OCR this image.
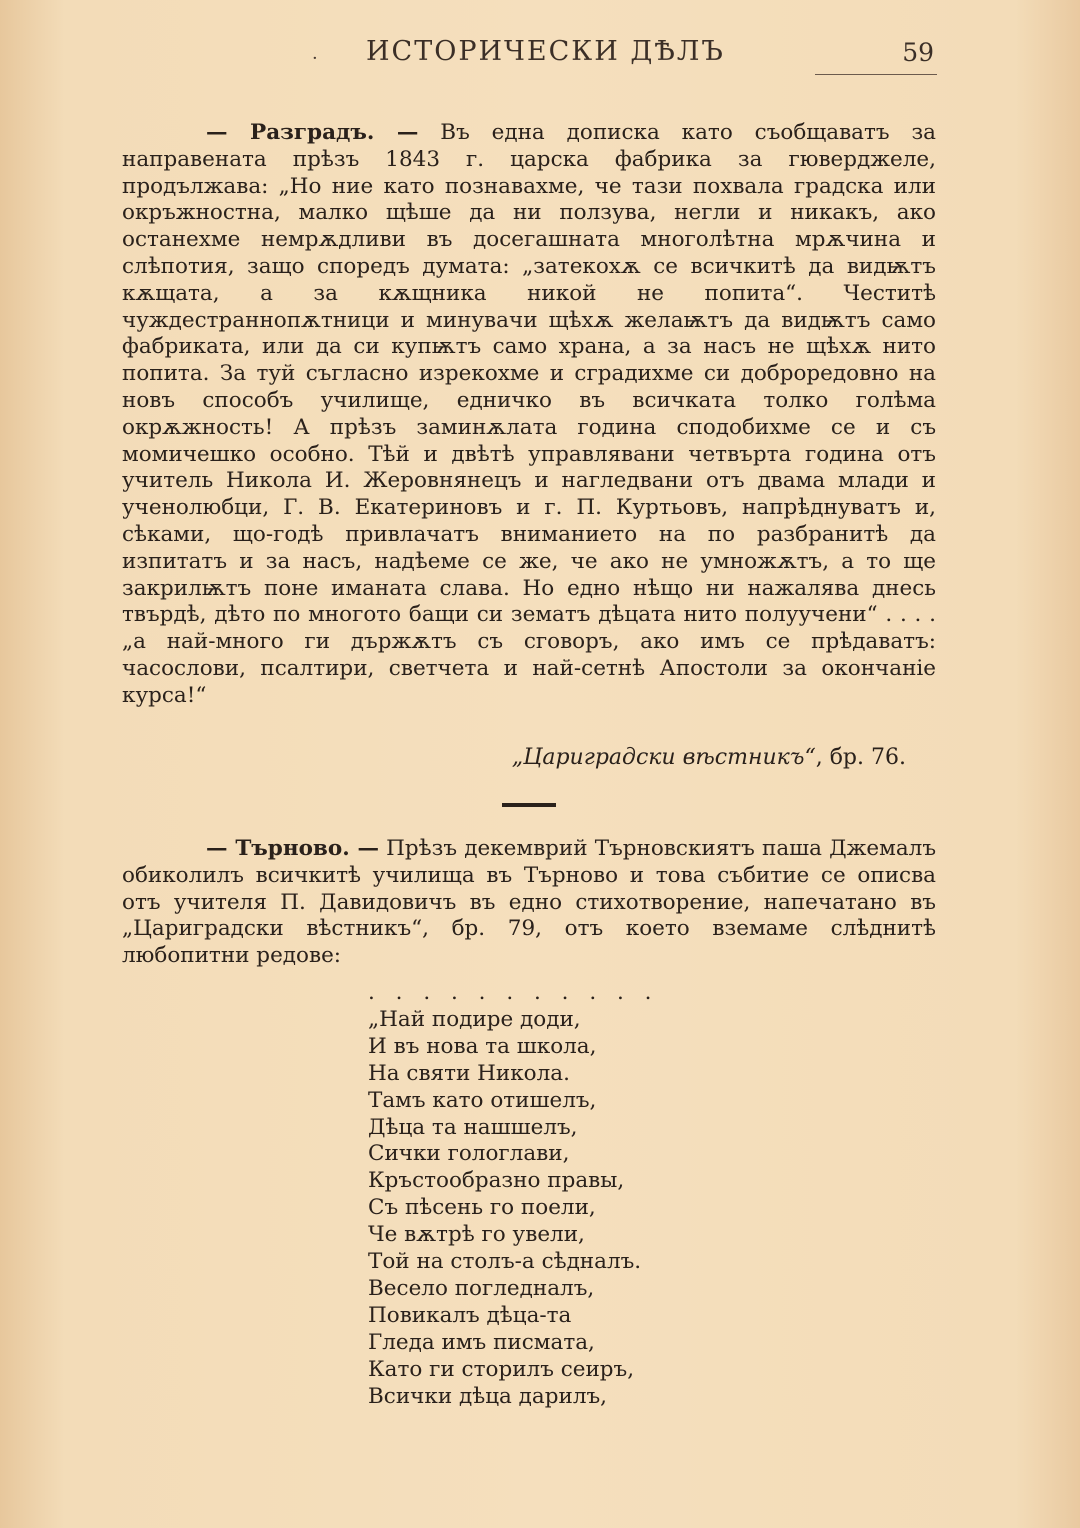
· ИСТОРИЧЕСКИ ДѢЛЪ	59

— Разградъ. — Въ една дописка като съобщаватъ за направената прѣзъ 1843 г. царска фабрика за гюверджеле, продължава: „Но ние като познавахме, че тази похвала градска или окръжностна, малко щѣше да ни ползува, негли и никакъ, ако останехме немрѫдливи въ досегашната многолѣтна мрѫчина и слѣпотия, защо споредъ думата: „затекохѫ се всичкитѣ да видѭтъ кѫщата, а за кѫщника никой не попита“. Честитѣ чуждестраннопѫтници и минувачи щѣхѫ желаѭтъ да видѭтъ само фабриката, или да си купѭтъ само храна, а за насъ не щѣхѫ нито попита. За туй съгласно изрекохме и сградихме си доброредовно на новъ способъ училище, едничко въ всичката толко голѣма окрѫжность! А прѣзъ заминѫлата година сподобихме се и съ момичешко особно. Тѣй и двѣтѣ управлявани четвърта година отъ учитель Никола И. Жеровнянецъ и нагледвани отъ двама млади и ученолюбци, Г. В. Екатериновъ и г. П. Куртьовъ, напрѣднуватъ и, сѣками, що-годѣ привлачатъ вниманието на по разбранитѣ да изпитатъ и за насъ, надѣеме се же, че ако не умножѫтъ, а то ще закрилѭтъ поне иманата слава. Но едно нѣщо ни нажалява днесь твърдѣ, дѣто по многото бащи си зематъ дѣцата нито полуучени“ . . . . „а най-много ги държѫтъ съ сговоръ, ако имъ се прѣдаватъ: часослови, псалтири, светчета и най-сетнѣ Апостоли за окончаніе курса!“

„Цариградски вѣстникъ“, бр. 76.

— Търново. — Прѣзъ декемврий Търновскиятъ паша Джемалъ обиколилъ всичкитѣ училища въ Търново и това събитие се описва отъ учителя П. Давидовичъ въ едно стихотворение, напечатано въ „Цариградски вѣстникъ“, бр. 79, отъ което вземаме слѣднитѣ любопитни редове:

. . . . . . . . . . .
„Най подире доди,
И въ нова та школа,
На святи Никола.
Тамъ като отишелъ,
Дѣца та нашшелъ,
Сички гологлави,
Кръстообразно правы,
Съ пѣсень го поели,
Че вѫтрѣ го увели,
Той на столъ-а сѣдналъ.
Весело погледналъ,
Повикалъ дѣца-та
Гледа имъ писмата,
Като ги сторилъ сеиръ,
Всички дѣца дарилъ,
